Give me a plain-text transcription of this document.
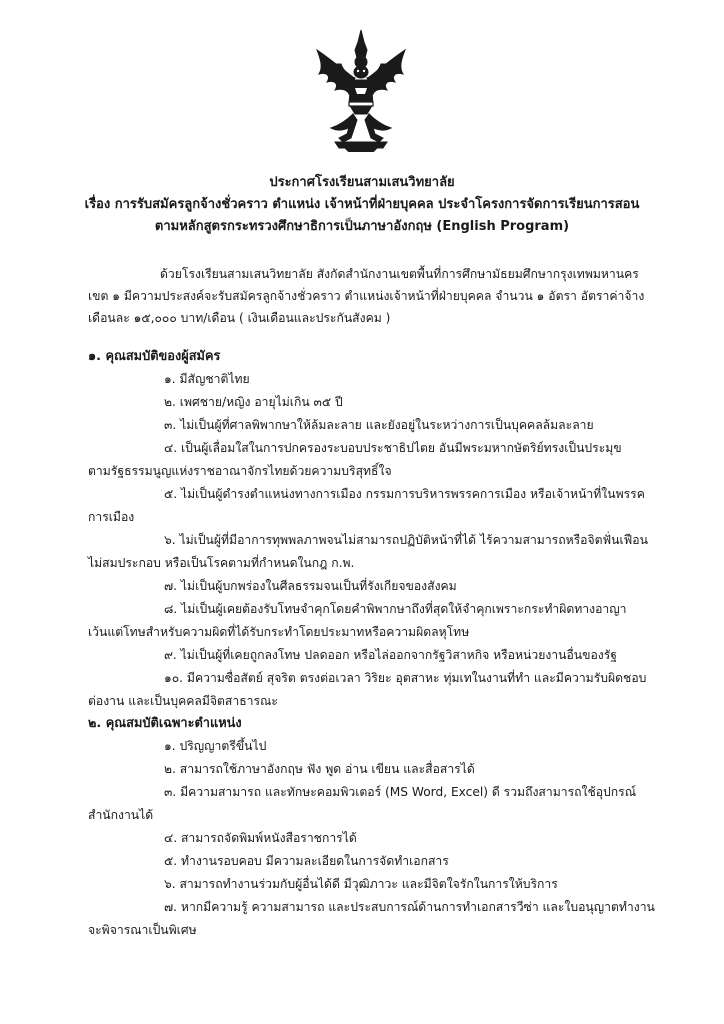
ประกาศโรงเรียนสามเสนวิทยาลัย
เรื่อง การรับสมัครลูกจ้างชั่วคราว ตำแหน่ง เจ้าหน้าที่ฝ่ายบุคคล ประจำโครงการจัดการเรียนการสอน
ตามหลักสูตรกระทรวงศึกษาธิการเป็นภาษาอังกฤษ (English Program)
ด้วยโรงเรียนสามเสนวิทยาลัย สังกัดสำนักงานเขตพื้นที่การศึกษามัธยมศึกษากรุงเทพมหานคร
เขต ๑ มีความประสงค์จะรับสมัครลูกจ้างชั่วคราว ตำแหน่งเจ้าหน้าที่ฝ่ายบุคคล จำนวน ๑ อัตรา อัตราค่าจ้าง
เดือนละ ๑๕,๐๐๐ บาท/เดือน ( เงินเดือนและประกันสังคม )
๑. คุณสมบัติของผู้สมัคร
๑. มีสัญชาติไทย
๒. เพศชาย/หญิง อายุไม่เกิน ๓๕ ปี
๓. ไม่เป็นผู้ที่ศาลพิพากษาให้ล้มละลาย และยังอยู่ในระหว่างการเป็นบุคคลล้มละลาย
๔. เป็นผู้เลื่อมใสในการปกครองระบอบประชาธิปไตย อันมีพระมหากษัตริย์ทรงเป็นประมุข
ตามรัฐธรรมนูญแห่งราชอาณาจักรไทยด้วยความบริสุทธิ์ใจ
๕. ไม่เป็นผู้ดำรงตำแหน่งทางการเมือง กรรมการบริหารพรรคการเมือง หรือเจ้าหน้าที่ในพรรค
การเมือง
๖. ไม่เป็นผู้ที่มีอาการทุพพลภาพจนไม่สามารถปฏิบัติหน้าที่ได้ ไร้ความสามารถหรือจิตฟั่นเฟือน
ไม่สมประกอบ หรือเป็นโรคตามที่กำหนดในกฎ ก.พ.
๗. ไม่เป็นผู้บกพร่องในศีลธรรมจนเป็นที่รังเกียจของสังคม
๘. ไม่เป็นผู้เคยต้องรับโทษจำคุกโดยคำพิพากษาถึงที่สุดให้จำคุกเพราะกระทำผิดทางอาญา
เว้นแต่โทษสำหรับความผิดที่ได้รับกระทำโดยประมาทหรือความผิดลหุโทษ
๙. ไม่เป็นผู้ที่เคยถูกลงโทษ ปลดออก หรือไล่ออกจากรัฐวิสาหกิจ หรือหน่วยงานอื่นของรัฐ
๑๐. มีความซื่อสัตย์ สุจริต ตรงต่อเวลา วิริยะ อุตสาหะ ทุ่มเทในงานที่ทำ และมีความรับผิดชอบ
ต่องาน และเป็นบุคคลมีจิตสาธารณะ
๒. คุณสมบัติเฉพาะตำแหน่ง
๑. ปริญญาตรีขึ้นไป
๒. สามารถใช้ภาษาอังกฤษ ฟัง พูด อ่าน เขียน และสื่อสารได้
๓. มีความสามารถ และทักษะคอมพิวเตอร์ (MS Word, Excel) ดี รวมถึงสามารถใช้อุปกรณ์
สำนักงานได้
๔. สามารถจัดพิมพ์หนังสือราชการได้
๕. ทำงานรอบคอบ มีความละเอียดในการจัดทำเอกสาร
๖. สามารถทำงานร่วมกับผู้อื่นได้ดี มีวุฒิภาวะ และมีจิตใจรักในการให้บริการ
๗. หากมีความรู้ ความสามารถ และประสบการณ์ด้านการทำเอกสารวีซ่า และใบอนุญาตทำงาน
จะพิจารณาเป็นพิเศษ
